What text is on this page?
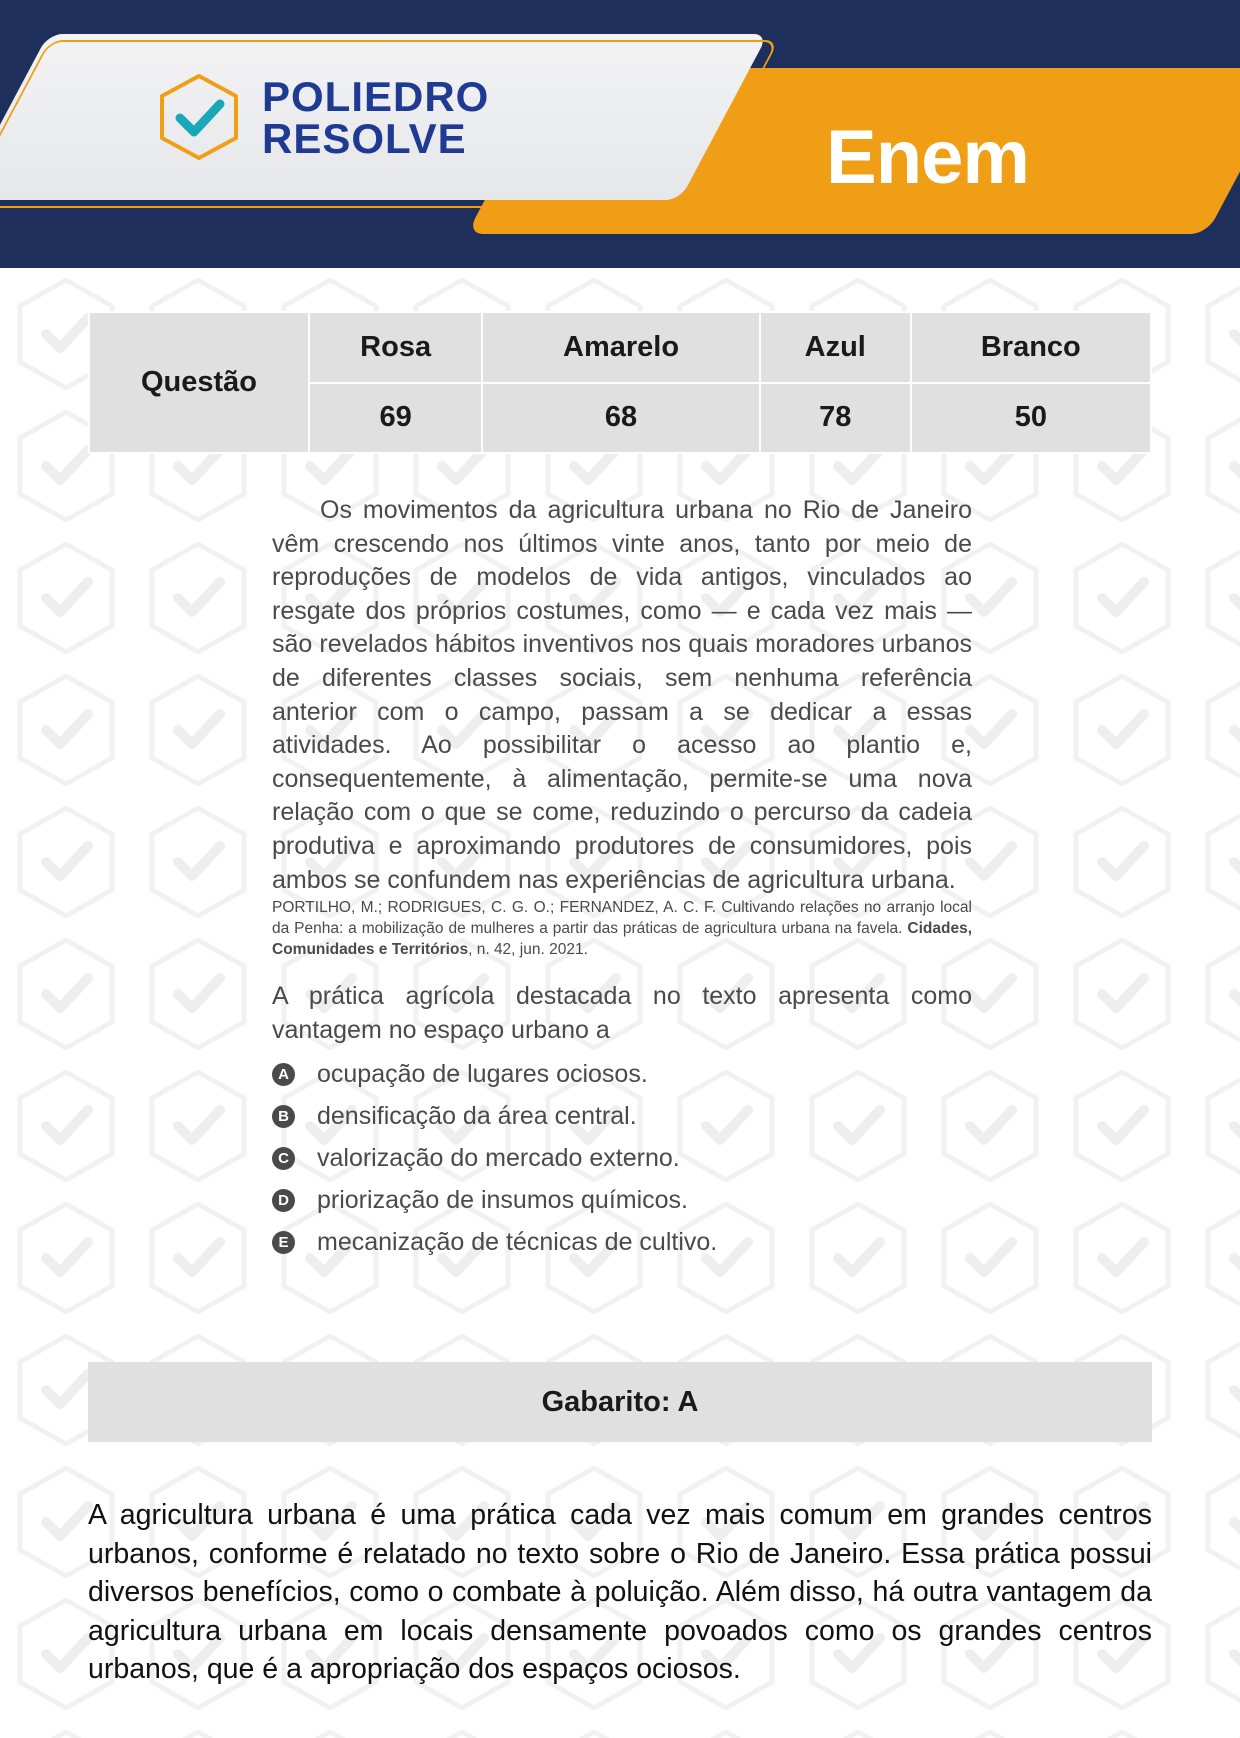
POLIEDRO
RESOLVE	Enem
Questão	Rosa	Amarelo	Azul	Branco
	69	68	78	50

Os movimentos da agricultura urbana no Rio de Janeiro vêm crescendo nos últimos vinte anos, tanto por meio de reproduções de modelos de vida antigos, vinculados ao resgate dos próprios costumes, como — e cada vez mais — são revelados hábitos inventivos nos quais moradores urbanos de diferentes classes sociais, sem nenhuma referência anterior com o campo, passam a se dedicar a essas atividades. Ao possibilitar o acesso ao plantio e, consequentemente, à alimentação, permite-se uma nova relação com o que se come, reduzindo o percurso da cadeia produtiva e aproximando produtores de consumidores, pois ambos se confundem nas experiências de agricultura urbana.

PORTILHO, M.; RODRIGUES, C. G. O.; FERNANDEZ, A. C. F. Cultivando relações no arranjo local da Penha: a mobilização de mulheres a partir das práticas de agricultura urbana na favela. Cidades, Comunidades e Territórios, n. 42, jun. 2021.

A prática agrícola destacada no texto apresenta como vantagem no espaço urbano a

A ocupação de lugares ociosos.
B densificação da área central.
C valorização do mercado externo.
D priorização de insumos químicos.
E mecanização de técnicas de cultivo.
Gabarito: A

A agricultura urbana é uma prática cada vez mais comum em grandes centros urbanos, conforme é relatado no texto sobre o Rio de Janeiro. Essa prática possui diversos benefícios, como o combate à poluição. Além disso, há outra vantagem da agricultura urbana em locais densamente povoados como os grandes centros urbanos, que é a apropriação dos espaços ociosos.
